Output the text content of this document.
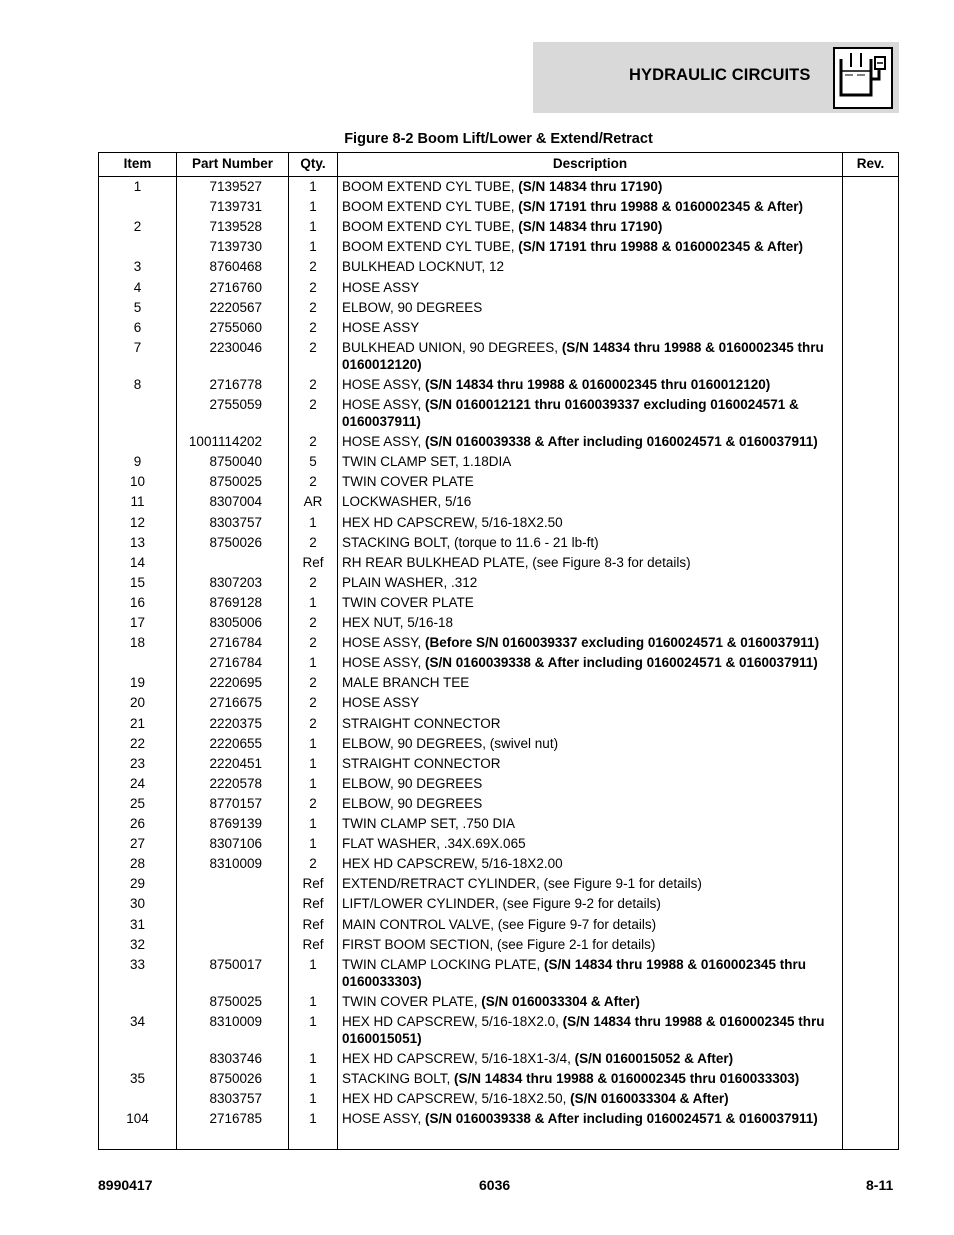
HYDRAULIC CIRCUITS
Figure 8-2 Boom Lift/Lower & Extend/Retract
Item	Part Number	Qty.	Description	Rev.
1	7139527	1	BOOM EXTEND CYL TUBE, (S/N 14834 thru 17190)
7139731	1	BOOM EXTEND CYL TUBE, (S/N 17191 thru 19988 & 0160002345 & After)
2	7139528	1	BOOM EXTEND CYL TUBE, (S/N 14834 thru 17190)
7139730	1	BOOM EXTEND CYL TUBE, (S/N 17191 thru 19988 & 0160002345 & After)
3	8760468	2	BULKHEAD LOCKNUT, 12
4	2716760	2	HOSE ASSY
5	2220567	2	ELBOW, 90 DEGREES
6	2755060	2	HOSE ASSY
7	2230046	2	BULKHEAD UNION, 90 DEGREES, (S/N 14834 thru 19988 & 0160002345 thru 0160012120)
8	2716778	2	HOSE ASSY, (S/N 14834 thru 19988 & 0160002345 thru 0160012120)
2755059	2	HOSE ASSY, (S/N 0160012121 thru 0160039337 excluding 0160024571 & 0160037911)
1001114202	2	HOSE ASSY, (S/N 0160039338 & After including 0160024571 & 0160037911)
9	8750040	5	TWIN CLAMP SET, 1.18DIA
10	8750025	2	TWIN COVER PLATE
11	8307004	AR	LOCKWASHER, 5/16
12	8303757	1	HEX HD CAPSCREW, 5/16-18X2.50
13	8750026	2	STACKING BOLT, (torque to 11.6 - 21 lb-ft)
14	Ref	RH REAR BULKHEAD PLATE, (see Figure 8-3 for details)
15	8307203	2	PLAIN WASHER, .312
16	8769128	1	TWIN COVER PLATE
17	8305006	2	HEX NUT, 5/16-18
18	2716784	2	HOSE ASSY, (Before S/N 0160039337 excluding 0160024571 & 0160037911)
2716784	1	HOSE ASSY, (S/N 0160039338 & After including 0160024571 & 0160037911)
19	2220695	2	MALE BRANCH TEE
20	2716675	2	HOSE ASSY
21	2220375	2	STRAIGHT CONNECTOR
22	2220655	1	ELBOW, 90 DEGREES, (swivel nut)
23	2220451	1	STRAIGHT CONNECTOR
24	2220578	1	ELBOW, 90 DEGREES
25	8770157	2	ELBOW, 90 DEGREES
26	8769139	1	TWIN CLAMP SET, .750 DIA
27	8307106	1	FLAT WASHER, .34X.69X.065
28	8310009	2	HEX HD CAPSCREW, 5/16-18X2.00
29	Ref	EXTEND/RETRACT CYLINDER, (see Figure 9-1 for details)
30	Ref	LIFT/LOWER CYLINDER, (see Figure 9-2 for details)
31	Ref	MAIN CONTROL VALVE, (see Figure 9-7 for details)
32	Ref	FIRST BOOM SECTION, (see Figure 2-1 for details)
33	8750017	1	TWIN CLAMP LOCKING PLATE, (S/N 14834 thru 19988 & 0160002345 thru 0160033303)
8750025	1	TWIN COVER PLATE, (S/N 0160033304 & After)
34	8310009	1	HEX HD CAPSCREW, 5/16-18X2.0, (S/N 14834 thru 19988 & 0160002345 thru 0160015051)
8303746	1	HEX HD CAPSCREW, 5/16-18X1-3/4, (S/N 0160015052 & After)
35	8750026	1	STACKING BOLT, (S/N 14834 thru 19988 & 0160002345 thru 0160033303)
8303757	1	HEX HD CAPSCREW, 5/16-18X2.50, (S/N 0160033304 & After)
104	2716785	1	HOSE ASSY, (S/N 0160039338 & After including 0160024571 & 0160037911)
8990417	6036	8-11
